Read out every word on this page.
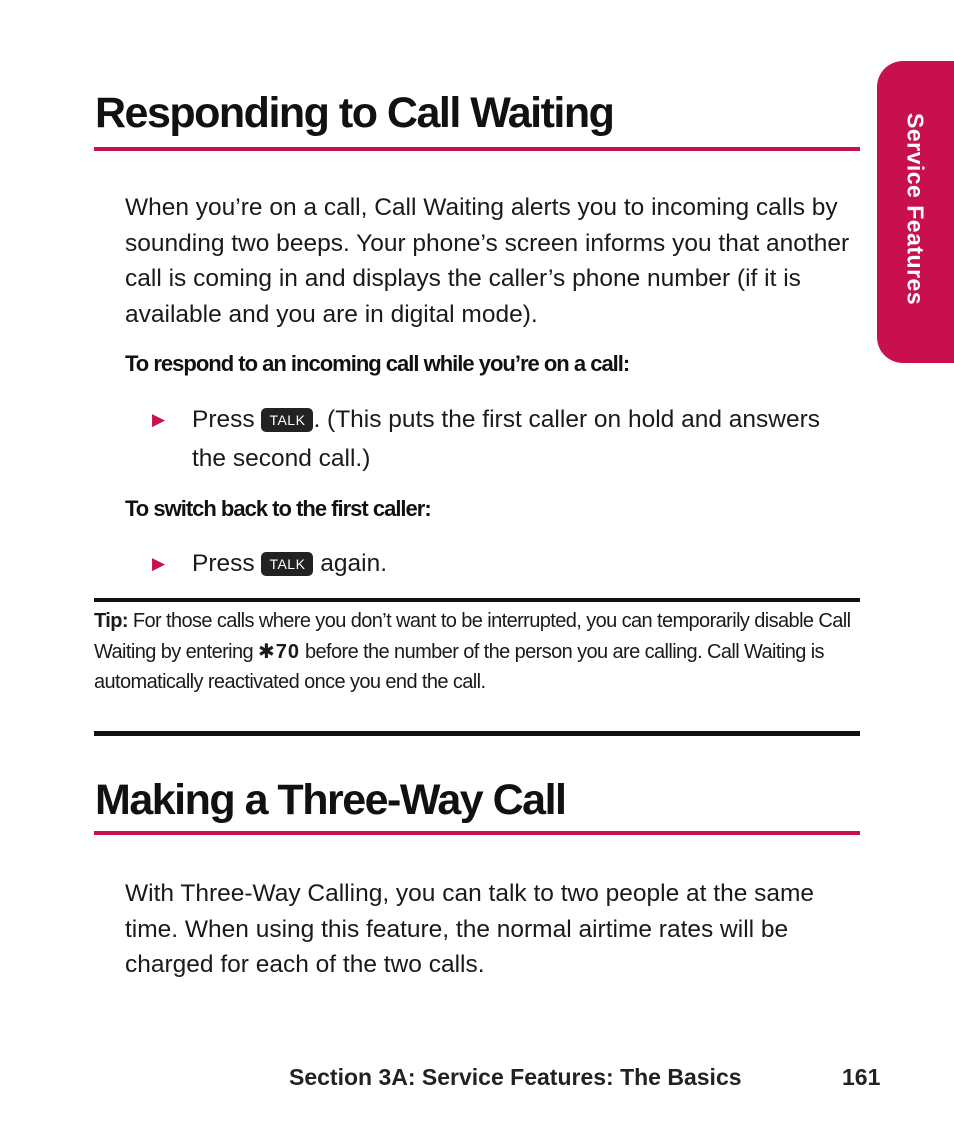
Service Features
Responding to Call Waiting

When you’re on a call, Call Waiting alerts you to incoming calls by sounding two beeps. Your phone’s screen informs you that another call is coming in and displays the caller’s phone number (if it is available and you are in digital mode).

To respond to an incoming call while you’re on a call:

▶ Press TALK . (This puts the first caller on hold and answers the second call.)

To switch back to the first caller:

▶ Press TALK again.

Tip: For those calls where you don’t want to be interrupted, you can temporarily disable Call Waiting by entering ✱70 before the number of the person you are calling. Call Waiting is automatically reactivated once you end the call.

Making a Three-Way Call

With Three-Way Calling, you can talk to two people at the same time. When using this feature, the normal airtime rates will be charged for each of the two calls.

Section 3A: Service Features: The Basics	161
